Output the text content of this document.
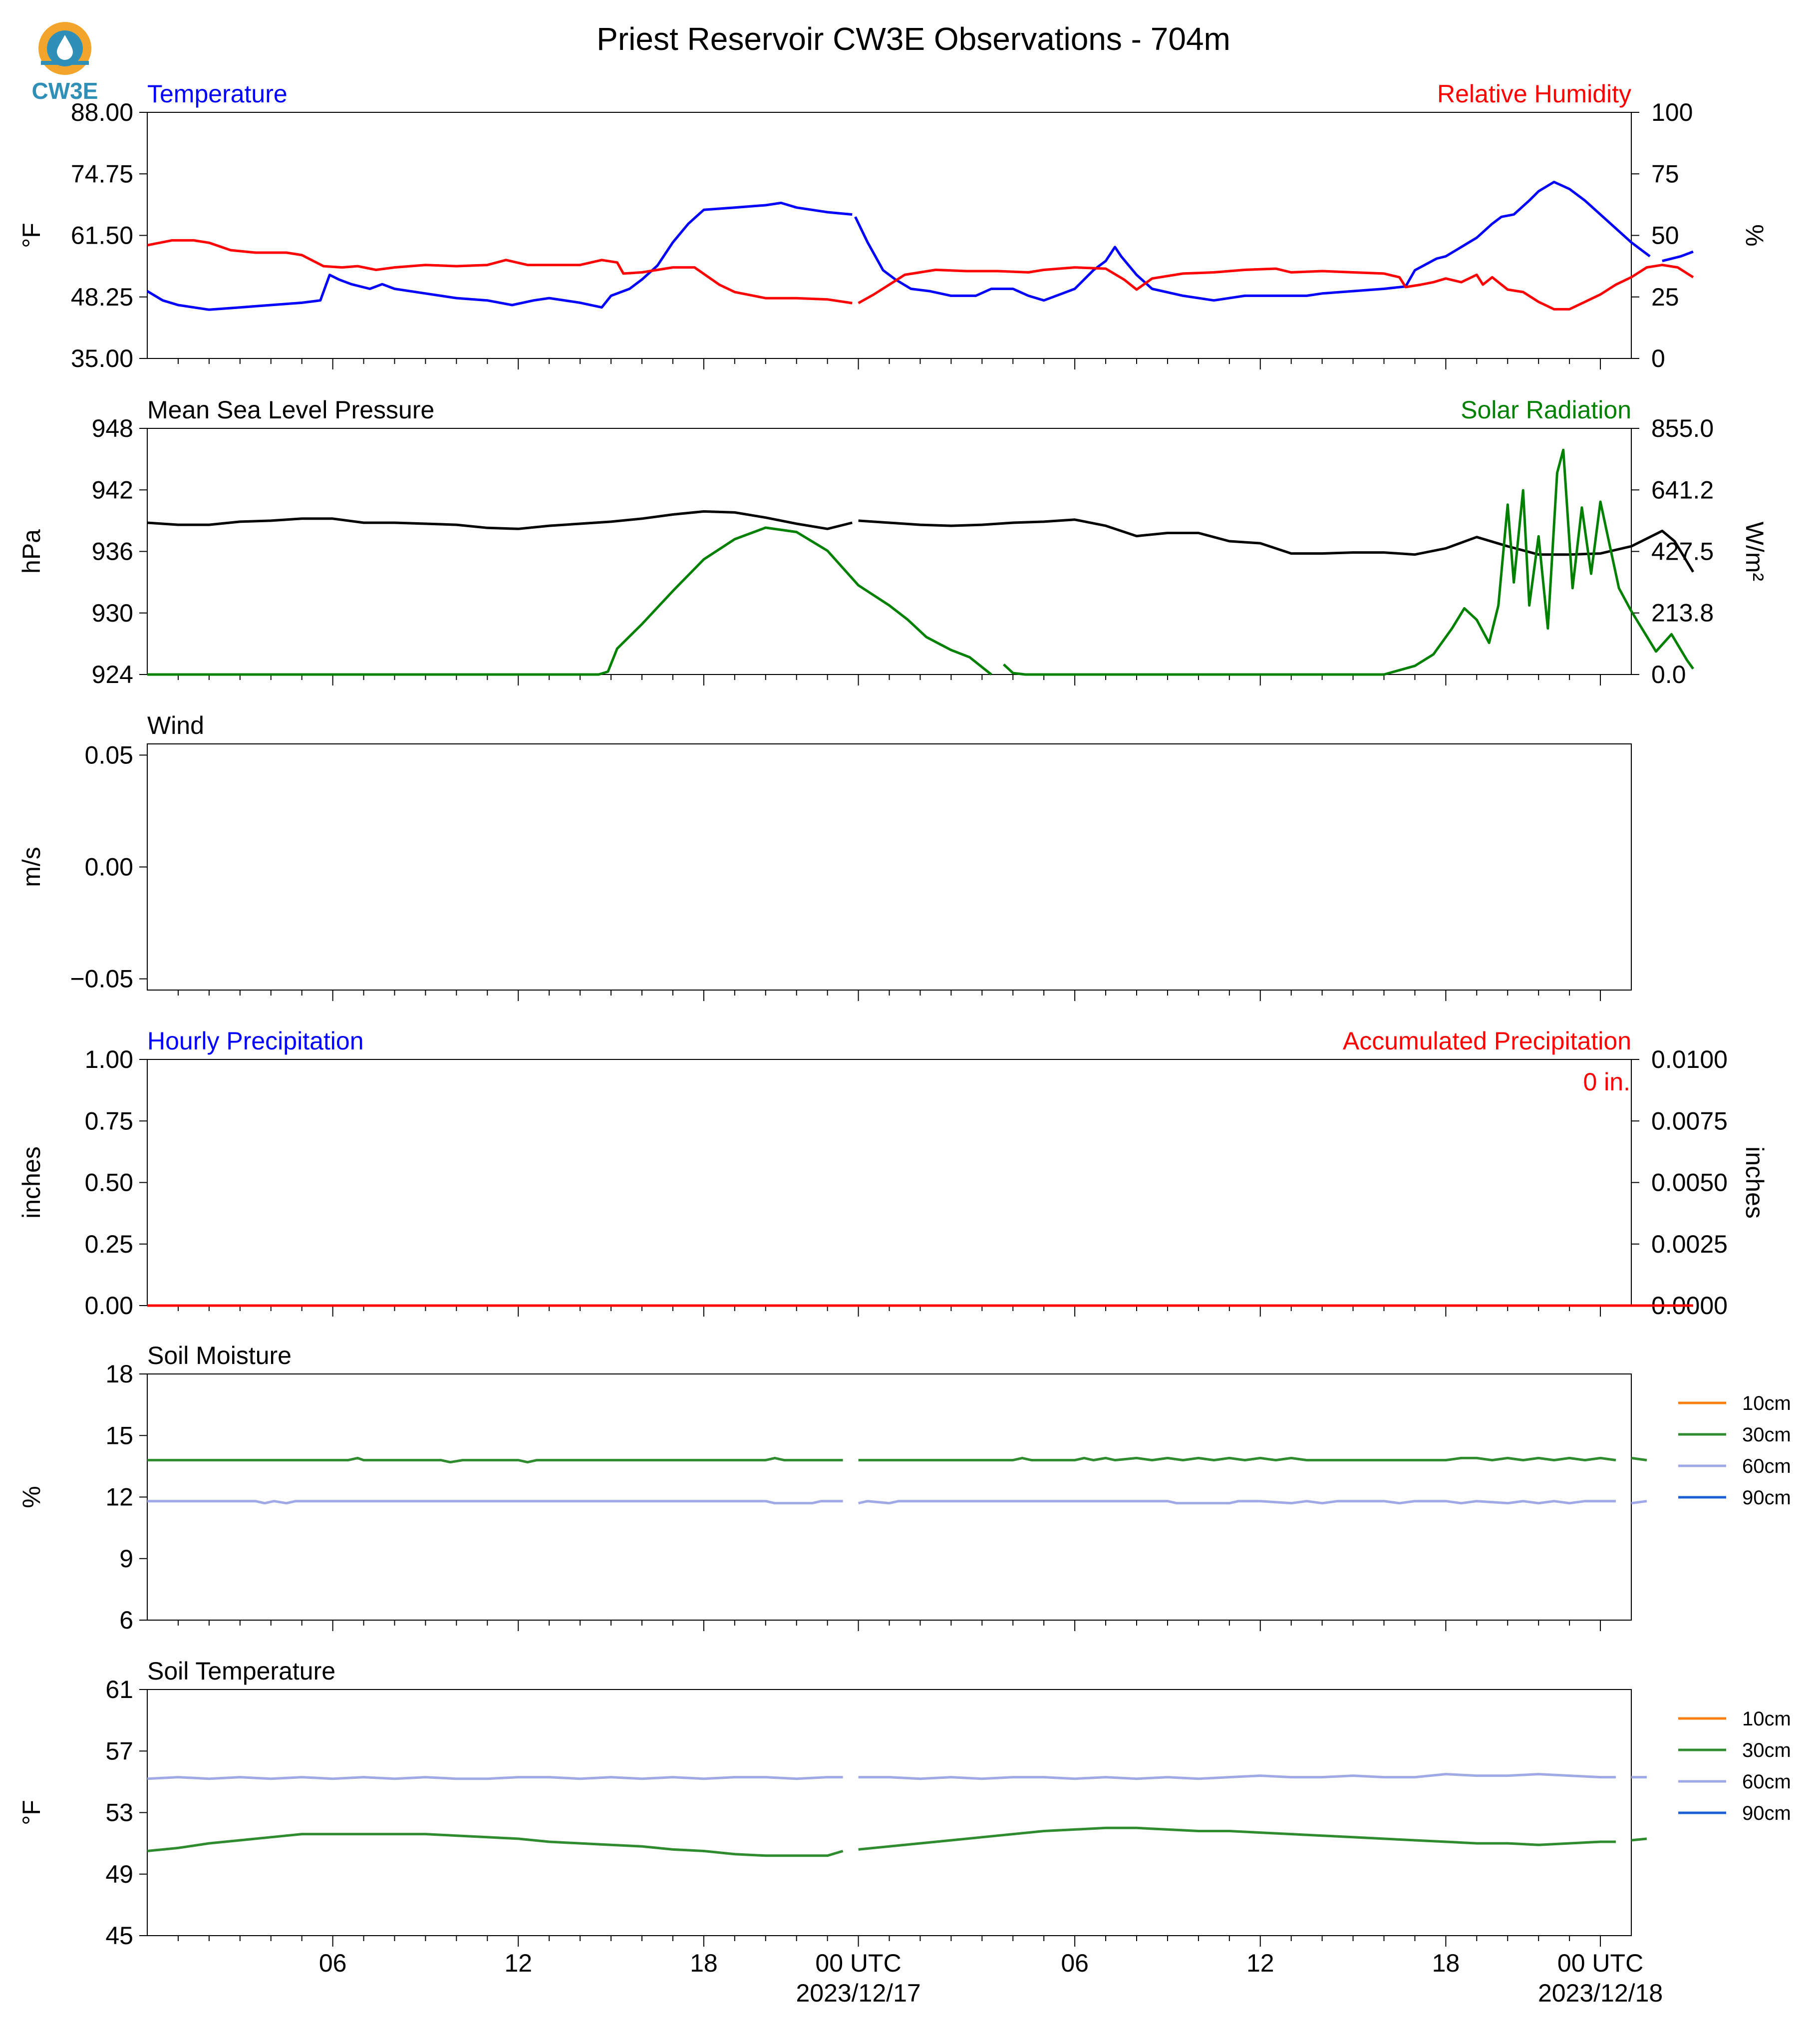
CW3E
Priest Reservoir CW3E Observations - 704m
Temperature	Relative Humidity
35.00
48.25
61.50
74.75
88.00
°F
0
25
50
75
100
%
Mean Sea Level Pressure	Solar Radiation
924
930
936
942
948
hPa
0.0
213.8
427.5
641.2
855.0
W/m²
Wind
−0.05
0.00
0.05
m/s
Hourly Precipitation	Accumulated Precipitation
0.00
0.25
0.50
0.75
1.00
inches
0.0000
0.0025
0.0050
0.0075
0.0100
inches
0 in.
Soil Moisture
6
9
12
15
18
%
10cm
30cm
60cm
90cm
Soil Temperature
45
49
53
57
61
°F
10cm
30cm
60cm
90cm
06	12	18	00 UTC
2023/12/17
06	12	18	00 UTC
2023/12/18
